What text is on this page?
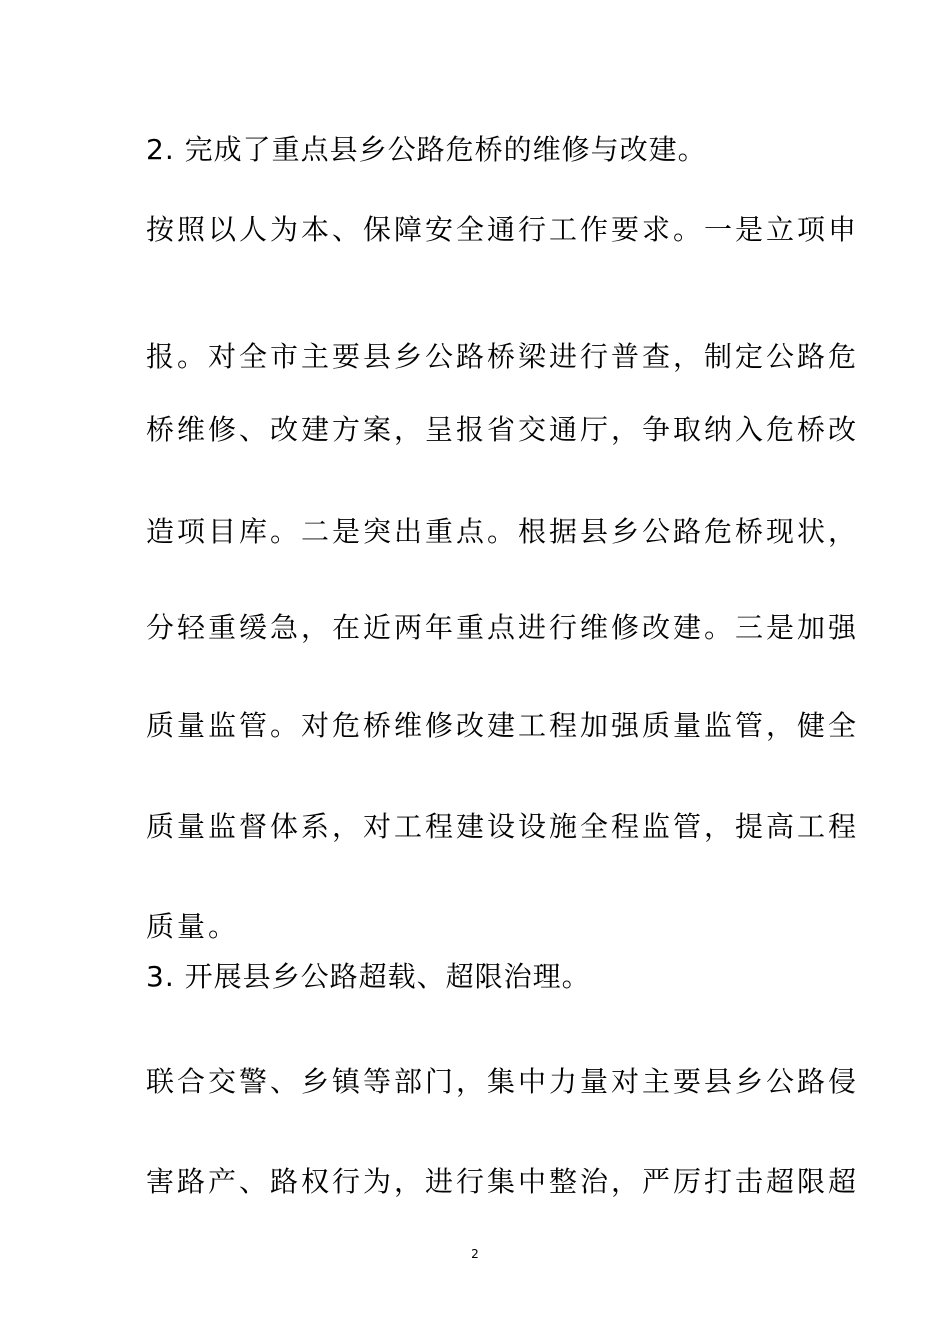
2. 完成了重点县乡公路危桥的维修与改建。
按照以人为本、保障安全通行工作要求。一是立项申
报。对全市主要县乡公路桥梁进行普查，制定公路危
桥维修、改建方案，呈报省交通厅，争取纳入危桥改
造项目库。二是突出重点。根据县乡公路危桥现状，
分轻重缓急，在近两年重点进行维修改建。三是加强
质量监管。对危桥维修改建工程加强质量监管，健全
质量监督体系，对工程建设设施全程监管，提高工程
质量。
3. 开展县乡公路超载、超限治理。
联合交警、乡镇等部门，集中力量对主要县乡公路侵
害路产、路权行为，进行集中整治，严厉打击超限超
2
